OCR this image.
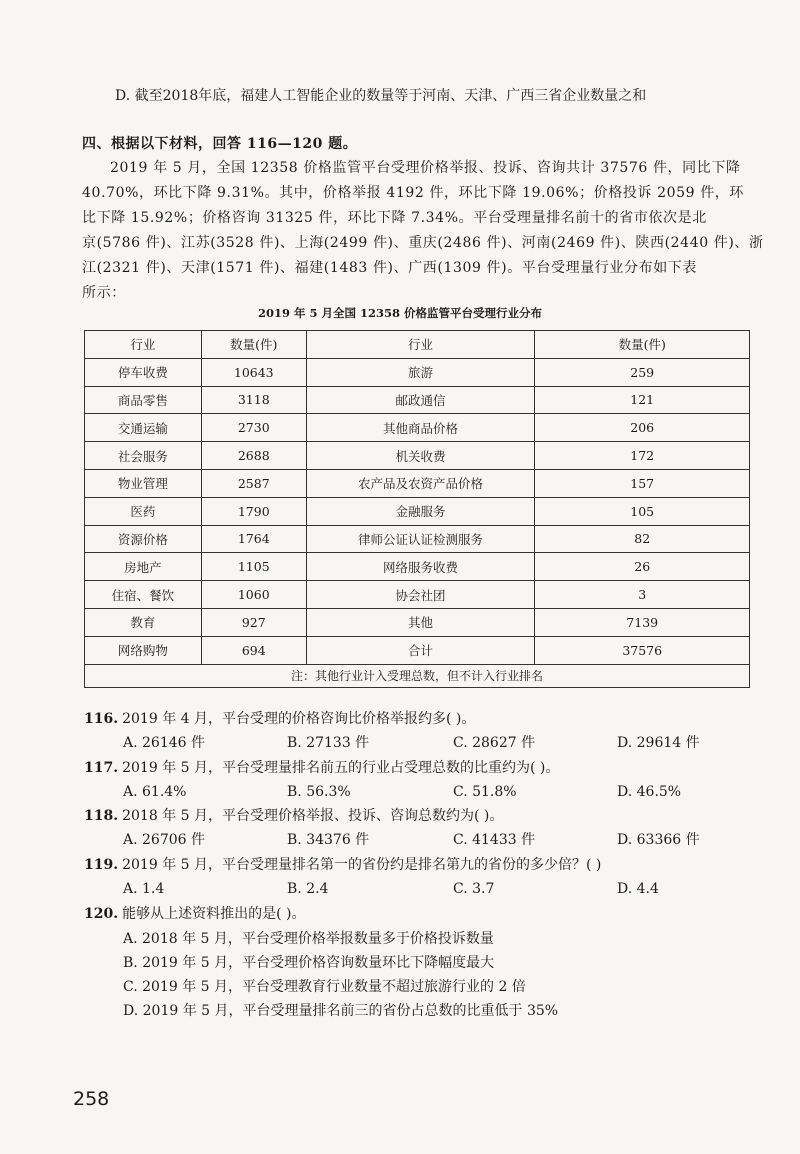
D. 截至2018年底，福建人工智能企业的数量等于河南、天津、广西三省企业数量之和
四、根据以下材料，回答 116—120 题。
2019 年 5 月，全国 12358 价格监管平台受理价格举报、投诉、咨询共计 37576 件，同比下降
40.70%，环比下降 9.31%。其中，价格举报 4192 件，环比下降 19.06%；价格投诉 2059 件，环
比下降 15.92%；价格咨询 31325 件，环比下降 7.34%。平台受理量排名前十的省市依次是北
京(5786 件)、江苏(3528 件)、上海(2499 件)、重庆(2486 件)、河南(2469 件)、陕西(2440 件)、浙
江(2321 件)、天津(1571 件)、福建(1483 件)、广西(1309 件)。平台受理量行业分布如下表
所示：
2019 年 5 月全国 12358 价格监管平台受理行业分布
行业	数量(件)	行业	数量(件)
停车收费	10643	旅游	259
商品零售	3118	邮政通信	121
交通运输	2730	其他商品价格	206
社会服务	2688	机关收费	172
物业管理	2587	农产品及农资产品价格	157
医药	1790	金融服务	105
资源价格	1764	律师公证认证检测服务	82
房地产	1105	网络服务收费	26
住宿、餐饮	1060	协会社团	3
教育	927	其他	7139
网络购物	694	合计	37576
注：其他行业计入受理总数，但不计入行业排名			
116. 2019 年 4 月，平台受理的价格咨询比价格举报约多( )。
A. 26146 件	B. 27133 件	C. 28627 件	D. 29614 件
117. 2019 年 5 月，平台受理量排名前五的行业占受理总数的比重约为( )。
A. 61.4%	B. 56.3%	C. 51.8%	D. 46.5%
118. 2018 年 5 月，平台受理价格举报、投诉、咨询总数约为( )。
A. 26706 件	B. 34376 件	C. 41433 件	D. 63366 件
119. 2019 年 5 月，平台受理量排名第一的省份约是排名第九的省份的多少倍？( )
A. 1.4	B. 2.4	C. 3.7	D. 4.4
120. 能够从上述资料推出的是( )。
A. 2018 年 5 月，平台受理价格举报数量多于价格投诉数量
B. 2019 年 5 月，平台受理价格咨询数量环比下降幅度最大
C. 2019 年 5 月，平台受理教育行业数量不超过旅游行业的 2 倍
D. 2019 年 5 月，平台受理量排名前三的省份占总数的比重低于 35%
258
